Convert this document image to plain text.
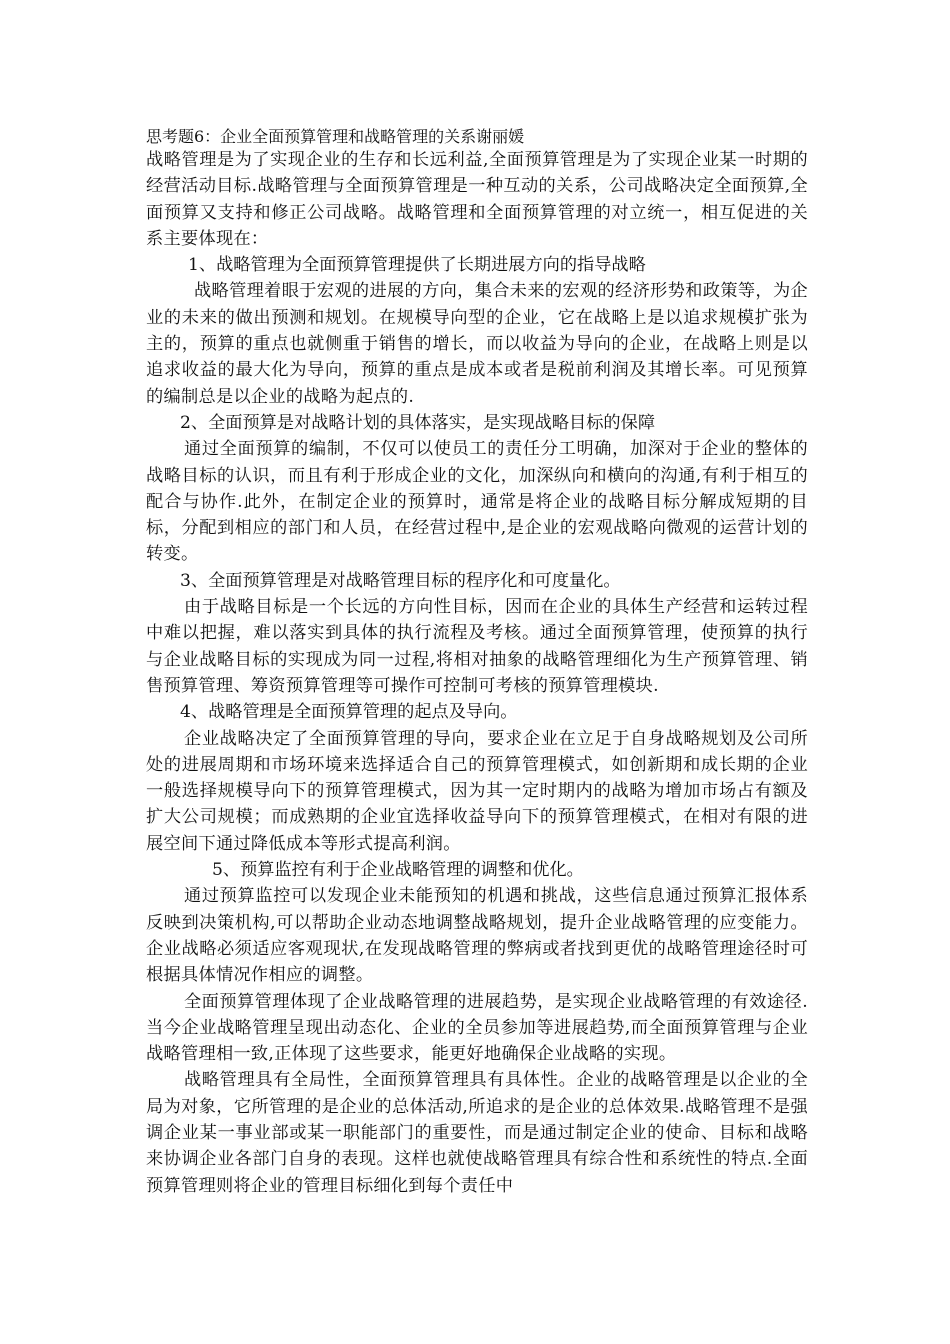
思考题6：企业全面预算管理和战略管理的关系谢丽媛

战略管理是为了实现企业的生存和长远利益,全面预算管理是为了实现企业某一时期的经营活动目标.战略管理与全面预算管理是一种互动的关系，公司战略决定全面预算,全面预算又支持和修正公司战略。战略管理和全面预算管理的对立统一，相互促进的关系主要体现在：

1、战略管理为全面预算管理提供了长期进展方向的指导战略

战略管理着眼于宏观的进展的方向，集合未来的宏观的经济形势和政策等，为企业的未来的做出预测和规划。在规模导向型的企业，它在战略上是以追求规模扩张为主的，预算的重点也就侧重于销售的增长，而以收益为导向的企业，在战略上则是以追求收益的最大化为导向，预算的重点是成本或者是税前利润及其增长率。可见预算的编制总是以企业的战略为起点的.

2、全面预算是对战略计划的具体落实，是实现战略目标的保障

通过全面预算的编制，不仅可以使员工的责任分工明确，加深对于企业的整体的战略目标的认识，而且有利于形成企业的文化，加深纵向和横向的沟通,有利于相互的配合与协作.此外，在制定企业的预算时，通常是将企业的战略目标分解成短期的目标，分配到相应的部门和人员，在经营过程中,是企业的宏观战略向微观的运营计划的转变。

3、全面预算管理是对战略管理目标的程序化和可度量化。

由于战略目标是一个长远的方向性目标，因而在企业的具体生产经营和运转过程中难以把握，难以落实到具体的执行流程及考核。通过全面预算管理，使预算的执行与企业战略目标的实现成为同一过程,将相对抽象的战略管理细化为生产预算管理、销售预算管理、筹资预算管理等可操作可控制可考核的预算管理模块.

4、战略管理是全面预算管理的起点及导向。

企业战略决定了全面预算管理的导向，要求企业在立足于自身战略规划及公司所处的进展周期和市场环境来选择适合自己的预算管理模式，如创新期和成长期的企业一般选择规模导向下的预算管理模式，因为其一定时期内的战略为增加市场占有额及扩大公司规模；而成熟期的企业宜选择收益导向下的预算管理模式，在相对有限的进展空间下通过降低成本等形式提高利润。

5、预算监控有利于企业战略管理的调整和优化。

通过预算监控可以发现企业未能预知的机遇和挑战，这些信息通过预算汇报体系反映到决策机构,可以帮助企业动态地调整战略规划，提升企业战略管理的应变能力。企业战略必须适应客观现状,在发现战略管理的弊病或者找到更优的战略管理途径时可根据具体情况作相应的调整。

全面预算管理体现了企业战略管理的进展趋势，是实现企业战略管理的有效途径.当今企业战略管理呈现出动态化、企业的全员参加等进展趋势,而全面预算管理与企业战略管理相一致,正体现了这些要求，能更好地确保企业战略的实现。

战略管理具有全局性，全面预算管理具有具体性。企业的战略管理是以企业的全局为对象，它所管理的是企业的总体活动,所追求的是企业的总体效果.战略管理不是强调企业某一事业部或某一职能部门的重要性，而是通过制定企业的使命、目标和战略来协调企业各部门自身的表现。这样也就使战略管理具有综合性和系统性的特点.全面预算管理则将企业的管理目标细化到每个责任中
